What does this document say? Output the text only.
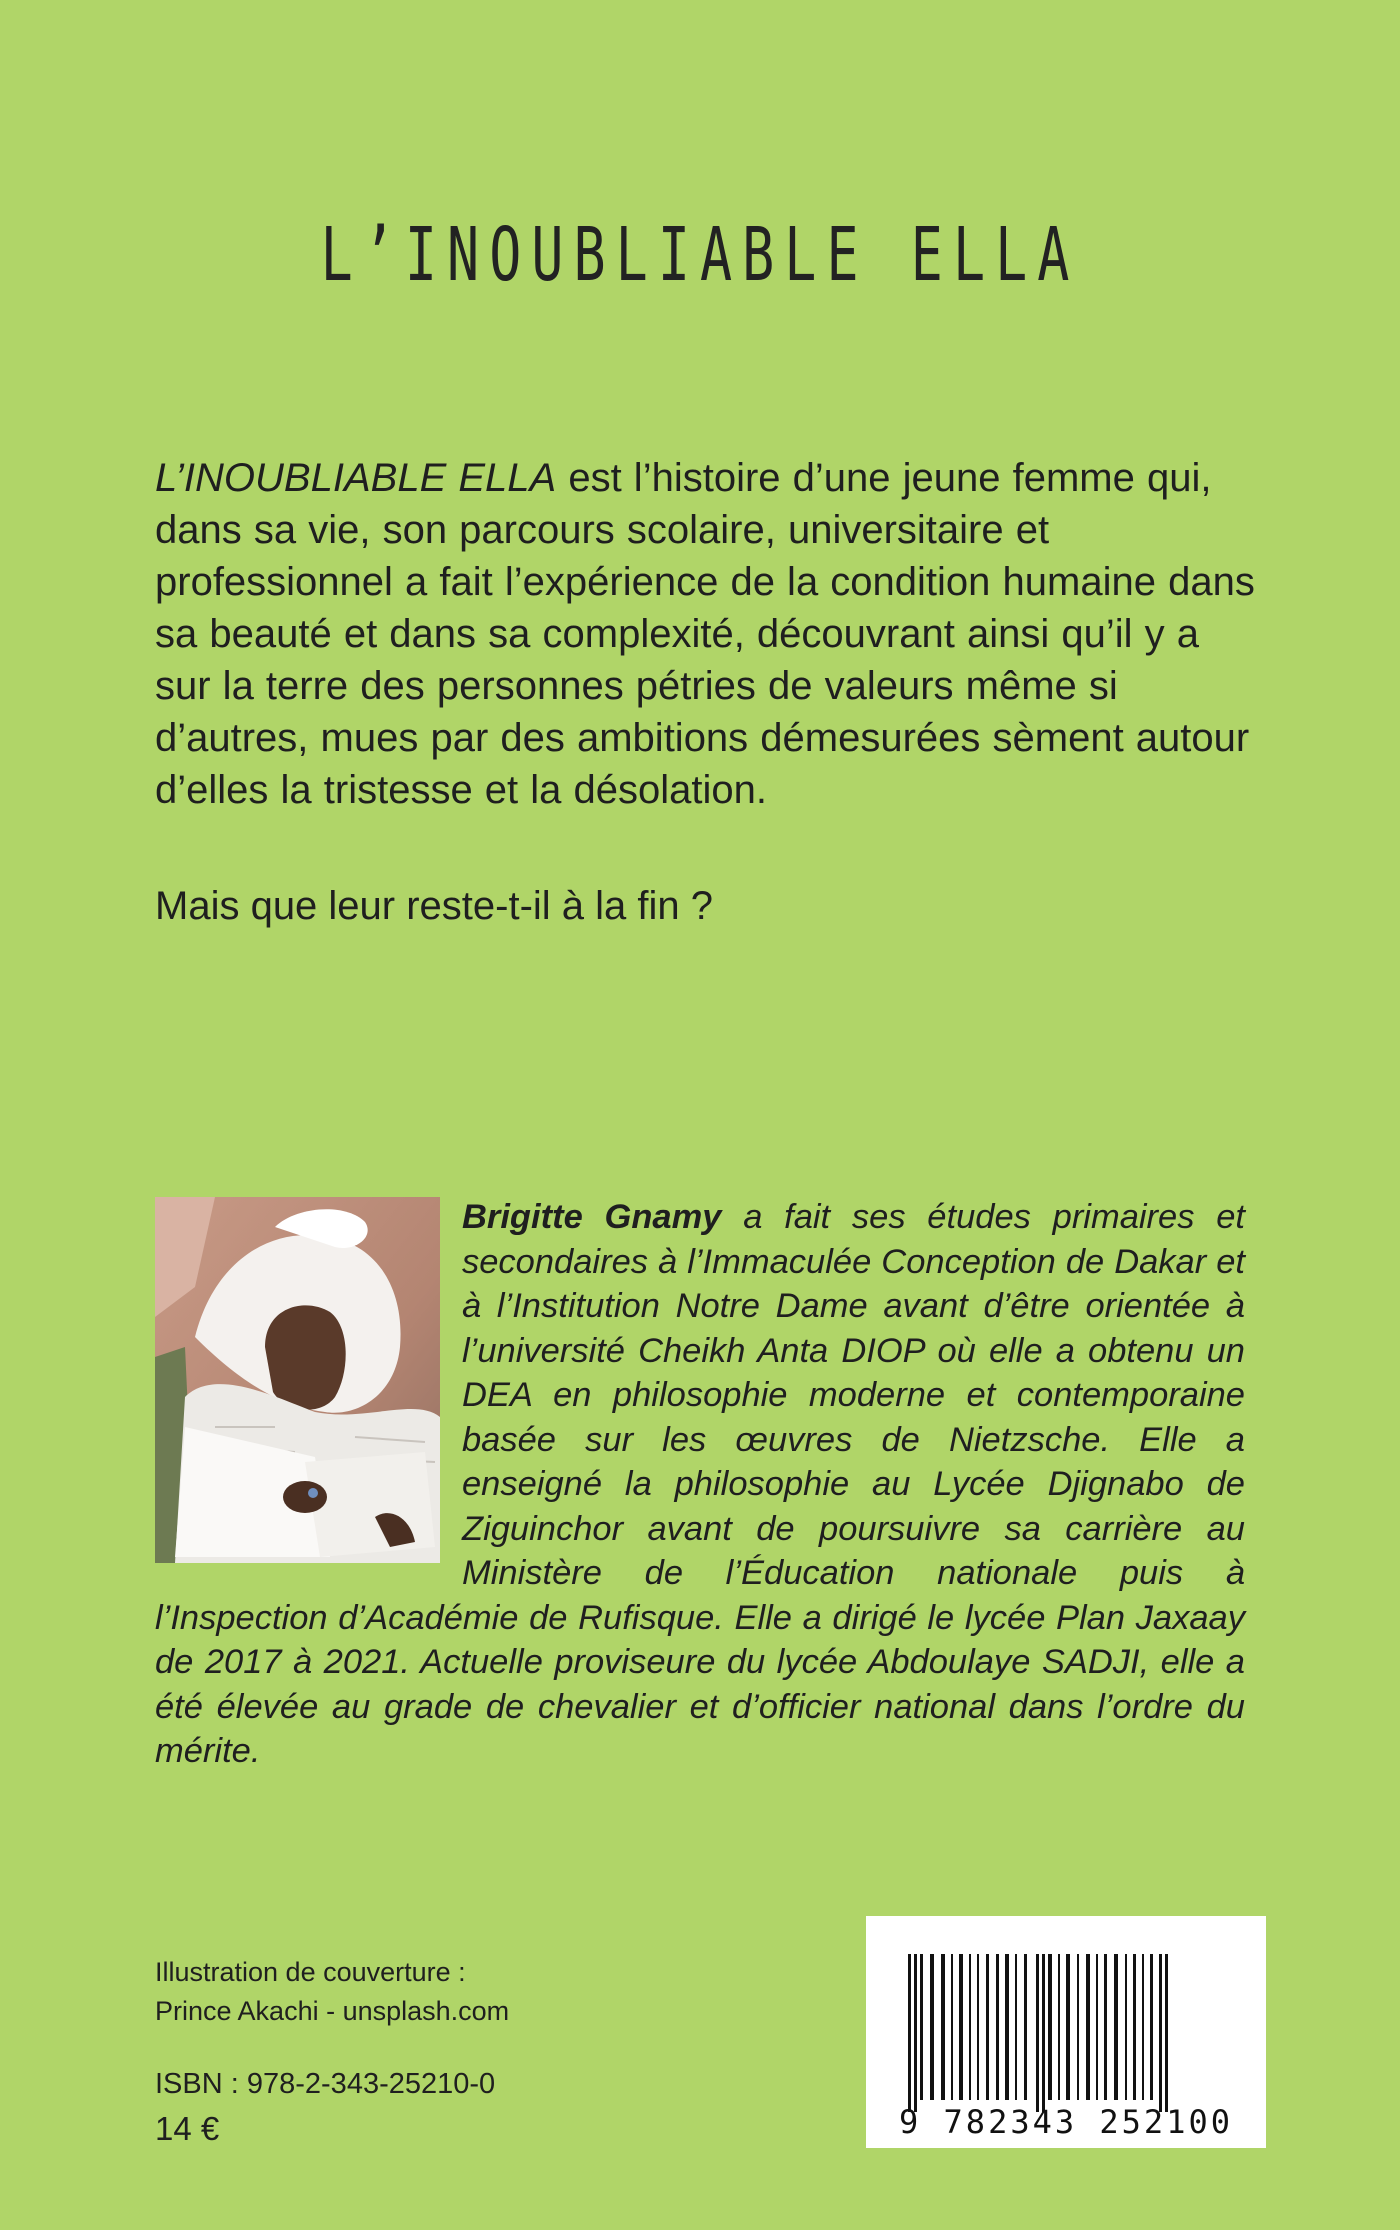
L’INOUBLIABLE ELLA

L’INOUBLIABLE ELLA est l’histoire d’une jeune femme qui, dans sa vie, son parcours scolaire, universitaire et professionnel a fait l’expérience de la condition humaine dans sa beauté et dans sa complexité, découvrant ainsi qu’il y a sur la terre des personnes pétries de valeurs même si d’autres, mues par des ambitions démesurées sèment autour d’elles la tristesse et la désolation.

Mais que leur reste-t-il à la fin ?

Brigitte Gnamy a fait ses études primaires et secondaires à l’Immaculée Conception de Dakar et à l’Institution Notre Dame avant d’être orientée à l’université Cheikh Anta DIOP où elle a obtenu un DEA en philosophie moderne et contemporaine basée sur les œuvres de Nietzsche. Elle a enseigné la philosophie au Lycée Djignabo de Ziguinchor avant de poursuivre sa carrière au Ministère de l’Éducation nationale puis à l’Inspection d’Académie de Rufisque. Elle a dirigé le lycée Plan Jaxaay de 2017 à 2021. Actuelle proviseure du lycée Abdoulaye SADJI, elle a été élevée au grade de chevalier et d’officier national dans l’ordre du mérite.

Illustration de couverture :
Prince Akachi - unsplash.com
ISBN : 978-2-343-25210-0
14 €	9 782343 252100
